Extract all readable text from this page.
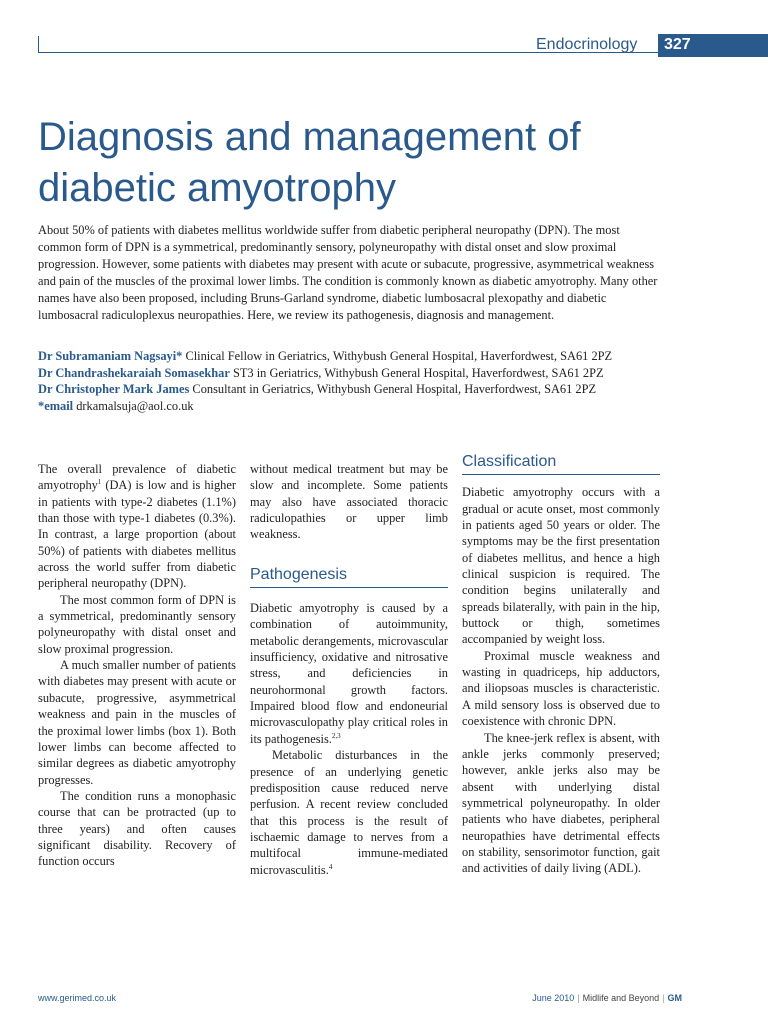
Endocrinology 327
Diagnosis and management of diabetic amyotrophy

About 50% of patients with diabetes mellitus worldwide suffer from diabetic peripheral neuropathy (DPN). The most common form of DPN is a symmetrical, predominantly sensory, polyneuropathy with distal onset and slow proximal progression. However, some patients with diabetes may present with acute or subacute, progressive, asymmetrical weakness and pain of the muscles of the proximal lower limbs. The condition is commonly known as diabetic amyotrophy. Many other names have also been proposed, including Bruns-Garland syndrome, diabetic lumbosacral plexopathy and diabetic lumbosacral radiculoplexus neuropathies. Here, we review its pathogenesis, diagnosis and management.

Dr Subramaniam Nagsayi* Clinical Fellow in Geriatrics, Withybush General Hospital, Haverfordwest, SA61 2PZ
Dr Chandrashekaraiah Somasekhar ST3 in Geriatrics, Withybush General Hospital, Haverfordwest, SA61 2PZ
Dr Christopher Mark James Consultant in Geriatrics, Withybush General Hospital, Haverfordwest, SA61 2PZ
*email drkamalsuja@aol.co.uk

The overall prevalence of diabetic amyotrophy$^1$ (DA) is low and is higher in patients with type-2 diabetes (1.1%) than those with type-1 diabetes (0.3%). In contrast, a large proportion (about 50%) of patients with diabetes mellitus across the world suffer from diabetic peripheral neuropathy (DPN).

The most common form of DPN is a symmetrical, predominantly sensory polyneuropathy with distal onset and slow proximal progression.

A much smaller number of patients with diabetes may present with acute or subacute, progressive, asymmetrical weakness and pain in the muscles of the proximal lower limbs (box 1). Both lower limbs can become affected to similar degrees as diabetic amyotrophy progresses.

The condition runs a monophasic course that can be protracted (up to three years) and often causes significant disability. Recovery of function occurs

without medical treatment but may be slow and incomplete. Some patients may also have associated thoracic radiculopathies or upper limb weakness.

Pathogenesis

Diabetic amyotrophy is caused by a combination of autoimmunity, metabolic derangements, microvascular insufficiency, oxidative and nitrosative stress, and deficiencies in neurohormonal growth factors. Impaired blood flow and endoneurial microvasculopathy play critical roles in its pathogenesis.$^{2,3}$

Metabolic disturbances in the presence of an underlying genetic predisposition cause reduced nerve perfusion. A recent review concluded that this process is the result of ischaemic damage to nerves from a multifocal immune-mediated microvasculitis.$^4$

Classification

Diabetic amyotrophy occurs with a gradual or acute onset, most commonly in patients aged 50 years or older. The symptoms may be the first presentation of diabetes mellitus, and hence a high clinical suspicion is required. The condition begins unilaterally and spreads bilaterally, with pain in the hip, buttock or thigh, sometimes accompanied by weight loss.

Proximal muscle weakness and wasting in quadriceps, hip adductors, and iliopsoas muscles is characteristic. A mild sensory loss is observed due to coexistence with chronic DPN.

The knee-jerk reflex is absent, with ankle jerks commonly preserved; however, ankle jerks also may be absent with underlying distal symmetrical polyneuropathy. In older patients who have diabetes, peripheral neuropathies have detrimental effects on stability, sensorimotor function, gait and activities of daily living (ADL).

www.gerimed.co.uk	June 2010 | Midlife and Beyond | GM
